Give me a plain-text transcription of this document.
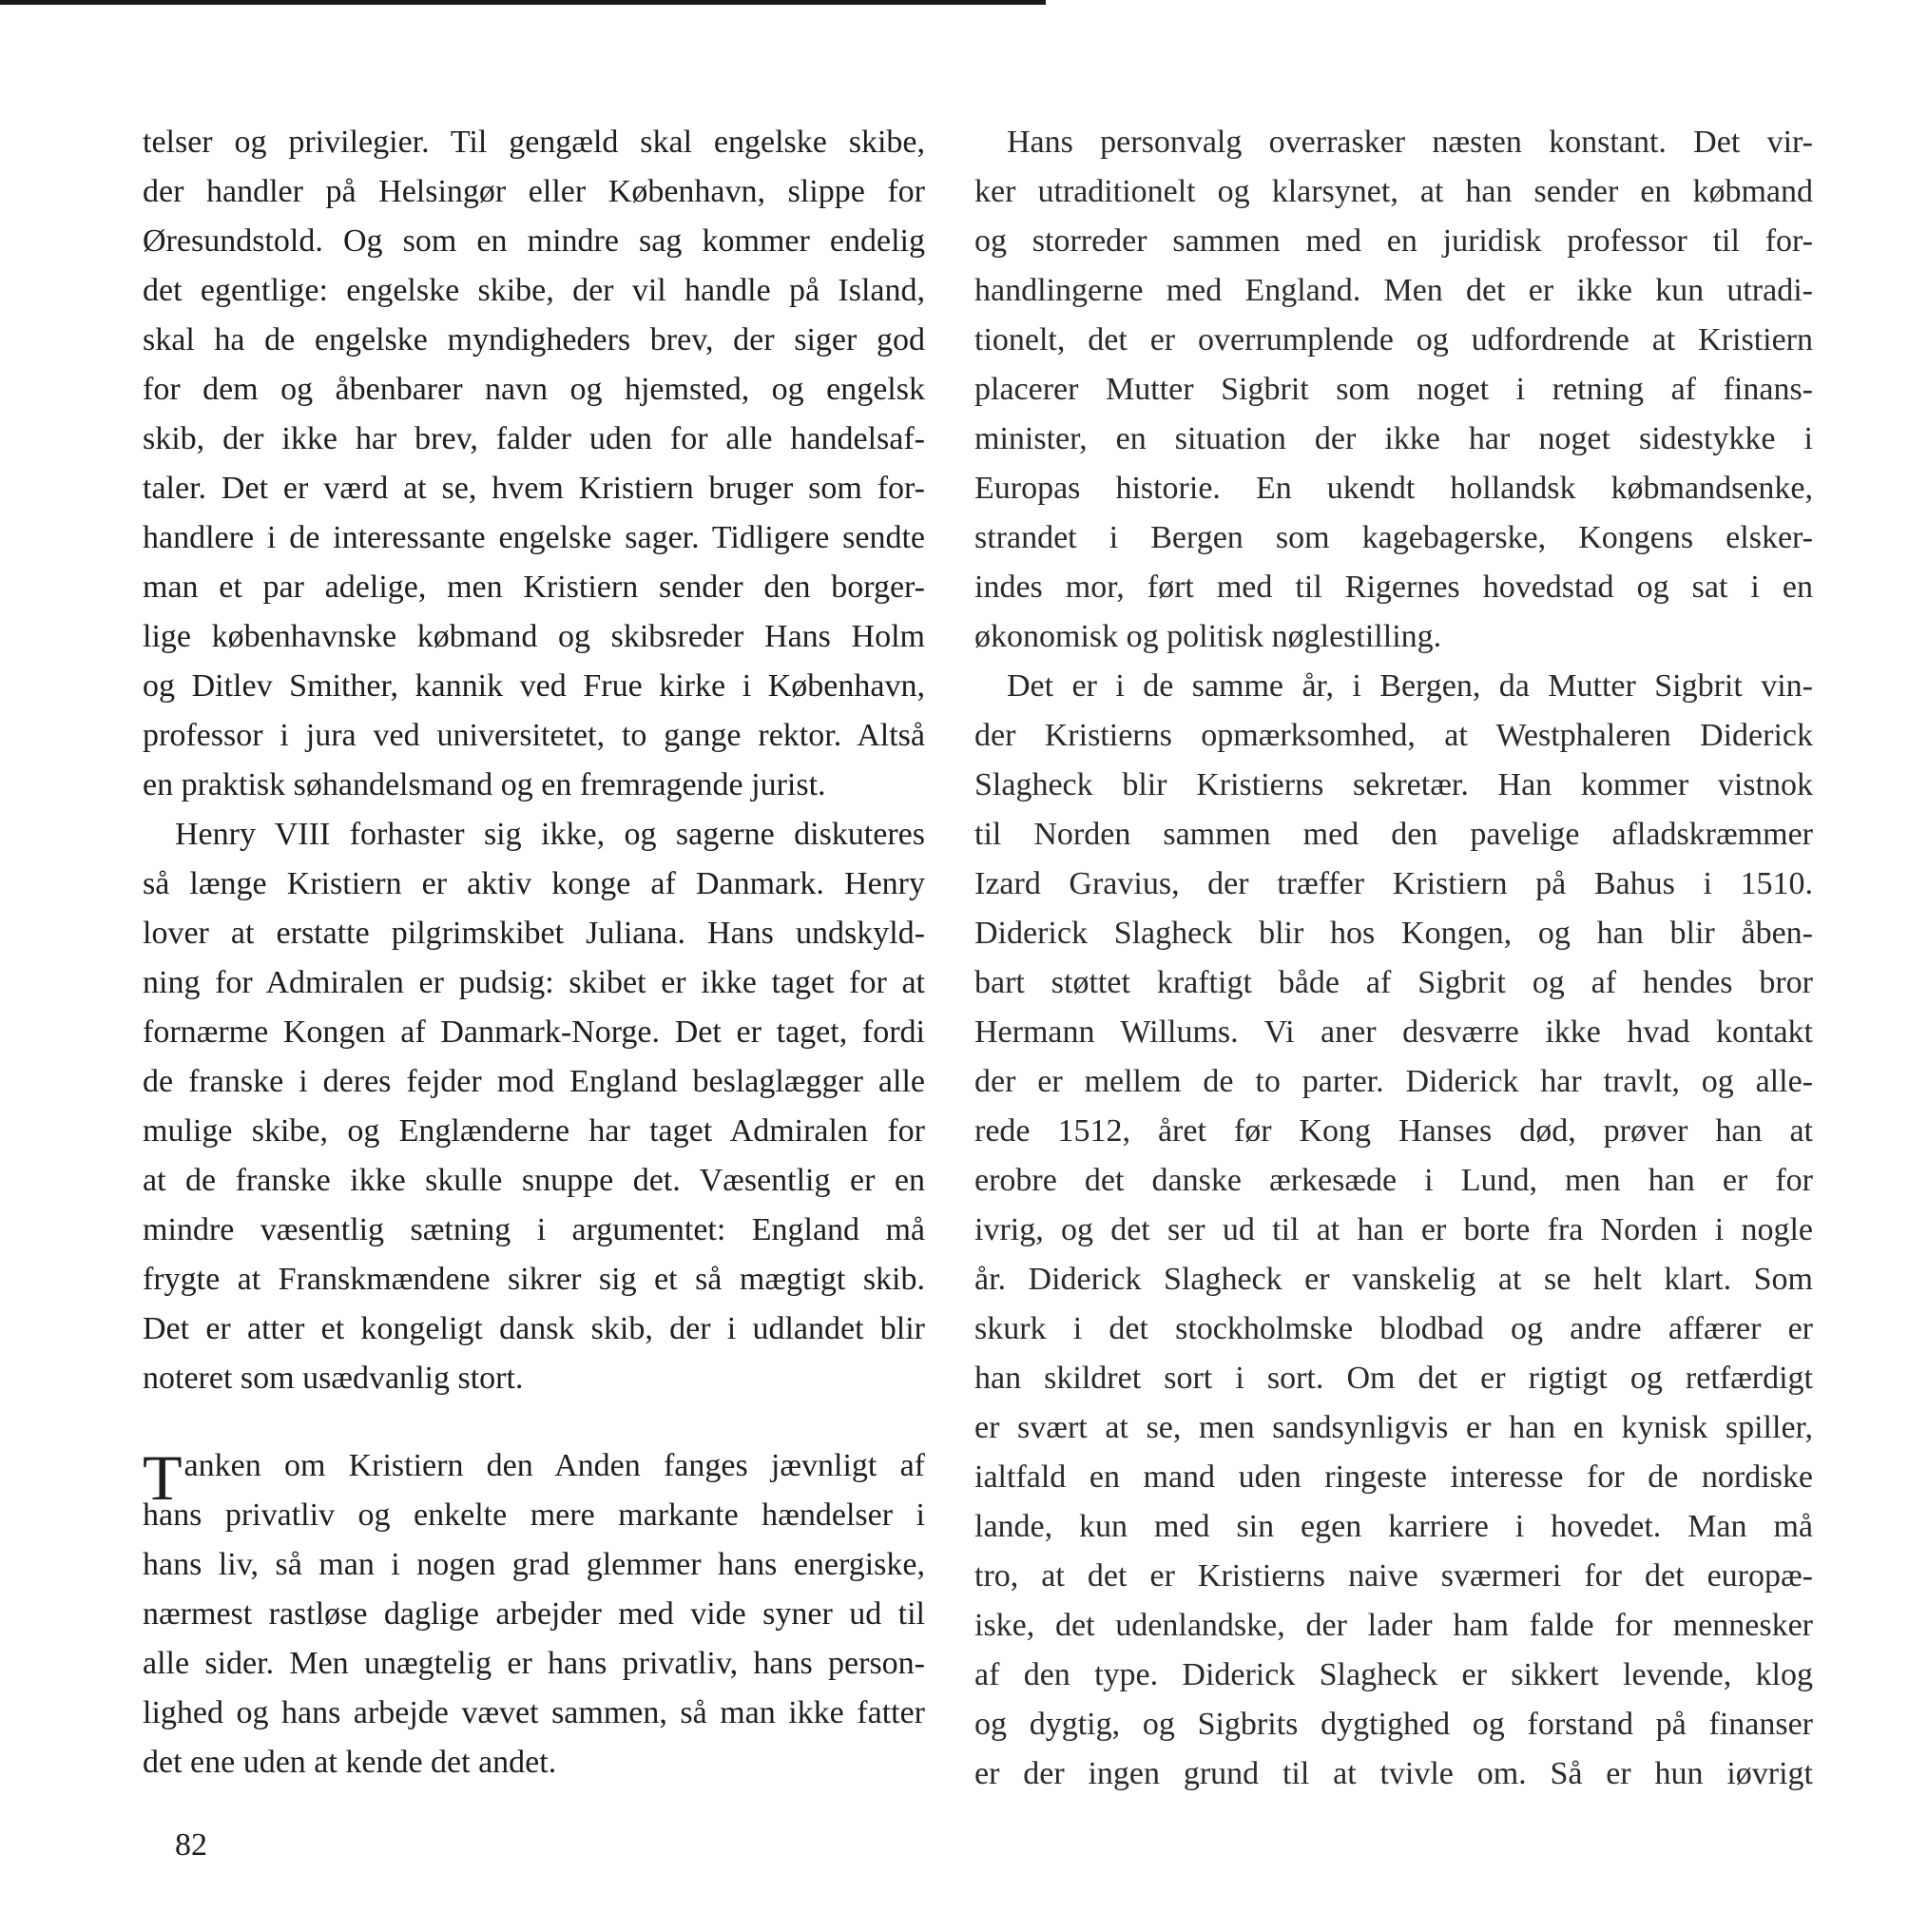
telser og privilegier. Til gengæld skal engelske skibe,
der handler på Helsingør eller København, slippe for
Øresundstold. Og som en mindre sag kommer endelig
det egentlige: engelske skibe, der vil handle på Island,
skal ha de engelske myndigheders brev, der siger god
for dem og åbenbarer navn og hjemsted, og engelsk
skib, der ikke har brev, falder uden for alle handelsaf-
taler. Det er værd at se, hvem Kristiern bruger som for-
handlere i de interessante engelske sager. Tidligere sendte
man et par adelige, men Kristiern sender den borger-
lige københavnske købmand og skibsreder Hans Holm
og Ditlev Smither, kannik ved Frue kirke i København,
professor i jura ved universitetet, to gange rektor. Altså
en praktisk søhandelsmand og en fremragende jurist.
Henry VIII forhaster sig ikke, og sagerne diskuteres
så længe Kristiern er aktiv konge af Danmark. Henry
lover at erstatte pilgrimskibet Juliana. Hans undskyld-
ning for Admiralen er pudsig: skibet er ikke taget for at
fornærme Kongen af Danmark-Norge. Det er taget, fordi
de franske i deres fejder mod England beslaglægger alle
mulige skibe, og Englænderne har taget Admiralen for
at de franske ikke skulle snuppe det. Væsentlig er en
mindre væsentlig sætning i argumentet: England må
frygte at Franskmændene sikrer sig et så mægtigt skib.
Det er atter et kongeligt dansk skib, der i udlandet blir
noteret som usædvanlig stort.
Tanken om Kristiern den Anden fanges jævnligt af
hans privatliv og enkelte mere markante hændelser i
hans liv, så man i nogen grad glemmer hans energiske,
nærmest rastløse daglige arbejder med vide syner ud til
alle sider. Men unægtelig er hans privatliv, hans person-
lighed og hans arbejde vævet sammen, så man ikke fatter
det ene uden at kende det andet.
Hans personvalg overrasker næsten konstant. Det vir-
ker utraditionelt og klarsynet, at han sender en købmand
og storreder sammen med en juridisk professor til for-
handlingerne med England. Men det er ikke kun utradi-
tionelt, det er overrumplende og udfordrende at Kristiern
placerer Mutter Sigbrit som noget i retning af finans-
minister, en situation der ikke har noget sidestykke i
Europas historie. En ukendt hollandsk købmandsenke,
strandet i Bergen som kagebagerske, Kongens elsker-
indes mor, ført med til Rigernes hovedstad og sat i en
økonomisk og politisk nøglestilling.
Det er i de samme år, i Bergen, da Mutter Sigbrit vin-
der Kristierns opmærksomhed, at Westphaleren Diderick
Slagheck blir Kristierns sekretær. Han kommer vistnok
til Norden sammen med den pavelige afladskræmmer
Izard Gravius, der træffer Kristiern på Bahus i 1510.
Diderick Slagheck blir hos Kongen, og han blir åben-
bart støttet kraftigt både af Sigbrit og af hendes bror
Hermann Willums. Vi aner desværre ikke hvad kontakt
der er mellem de to parter. Diderick har travlt, og alle-
rede 1512, året før Kong Hanses død, prøver han at
erobre det danske ærkesæde i Lund, men han er for
ivrig, og det ser ud til at han er borte fra Norden i nogle
år. Diderick Slagheck er vanskelig at se helt klart. Som
skurk i det stockholmske blodbad og andre affærer er
han skildret sort i sort. Om det er rigtigt og retfærdigt
er svært at se, men sandsynligvis er han en kynisk spiller,
ialtfald en mand uden ringeste interesse for de nordiske
lande, kun med sin egen karriere i hovedet. Man må
tro, at det er Kristierns naive sværmeri for det europæ-
iske, det udenlandske, der lader ham falde for mennesker
af den type. Diderick Slagheck er sikkert levende, klog
og dygtig, og Sigbrits dygtighed og forstand på finanser
er der ingen grund til at tvivle om. Så er hun iøvrigt
82
